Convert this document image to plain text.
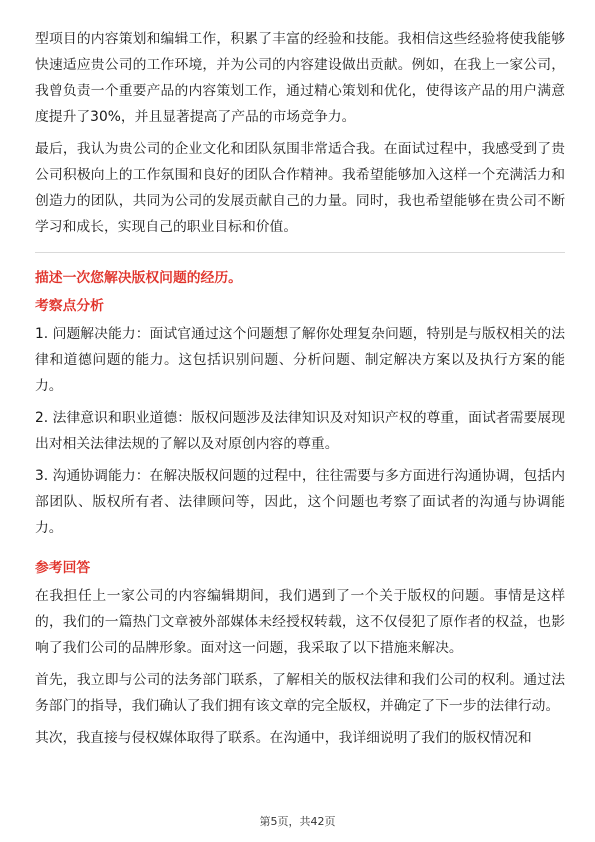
型项目的内容策划和编辑工作，积累了丰富的经验和技能。我相信这些经验将使我能够快速适应贵公司的工作环境，并为公司的内容建设做出贡献。例如，在我上一家公司，我曾负责一个重要产品的内容策划工作，通过精心策划和优化，使得该产品的用户满意度提升了30%，并且显著提高了产品的市场竞争力。

最后，我认为贵公司的企业文化和团队氛围非常适合我。在面试过程中，我感受到了贵公司积极向上的工作氛围和良好的团队合作精神。我希望能够加入这样一个充满活力和创造力的团队，共同为公司的发展贡献自己的力量。同时，我也希望能够在贵公司不断学习和成长，实现自己的职业目标和价值。

描述一次您解决版权问题的经历。
考察点分析

1. 问题解决能力：面试官通过这个问题想了解你处理复杂问题，特别是与版权相关的法律和道德问题的能力。这包括识别问题、分析问题、制定解决方案以及执行方案的能力。

2. 法律意识和职业道德：版权问题涉及法律知识及对知识产权的尊重，面试者需要展现出对相关法律法规的了解以及对原创内容的尊重。

3. 沟通协调能力：在解决版权问题的过程中，往往需要与多方面进行沟通协调，包括内部团队、版权所有者、法律顾问等，因此，这个问题也考察了面试者的沟通与协调能力。

参考回答

在我担任上一家公司的内容编辑期间，我们遇到了一个关于版权的问题。事情是这样的，我们的一篇热门文章被外部媒体未经授权转载，这不仅侵犯了原作者的权益，也影响了我们公司的品牌形象。面对这一问题，我采取了以下措施来解决。

首先，我立即与公司的法务部门联系，了解相关的版权法律和我们公司的权利。通过法务部门的指导，我们确认了我们拥有该文章的完全版权，并确定了下一步的法律行动。

其次，我直接与侵权媒体取得了联系。在沟通中，我详细说明了我们的版权情况和

第5页，共42页
